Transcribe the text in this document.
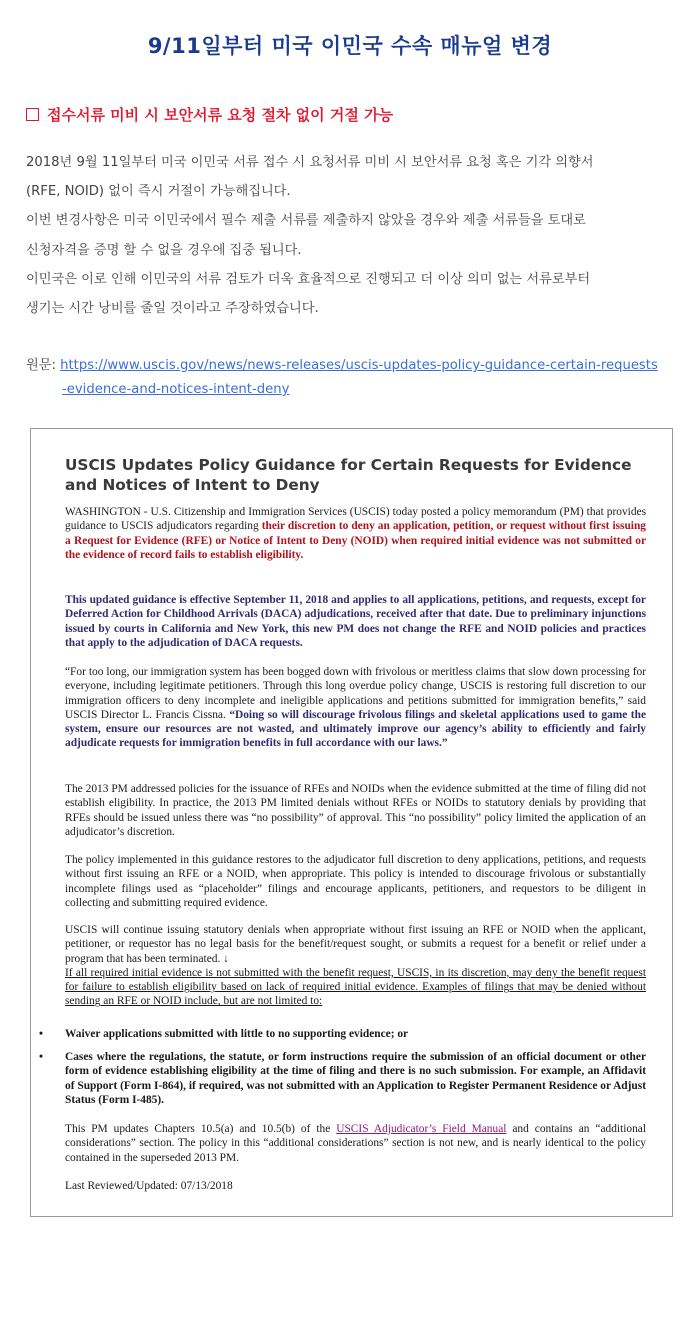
9/11일부터 미국 이민국 수속 매뉴얼 변경
접수서류 미비 시 보안서류 요청 절차 없이 거절 가능

2018년 9월 11일부터 미국 이민국 서류 접수 시 요청서류 미비 시 보안서류 요청 혹은 기각 의향서

(RFE, NOID) 없이 즉시 거절이 가능해집니다.

이번 변경사항은 미국 이민국에서 필수 제출 서류를 제출하지 않았을 경우와 제출 서류들을 토대로

신청자격을 증명 할 수 없을 경우에 집중 됩니다.

이민국은 이로 인해 이민국의 서류 검토가 더욱 효율적으로 진행되고 더 이상 의미 없는 서류로부터

생기는 시간 낭비를 줄일 것이라고 주장하였습니다.

원문: https://www.uscis.gov/news/news-releases/uscis-updates-policy-guidance-certain-requests
-evidence-and-notices-intent-deny
USCIS Updates Policy Guidance for Certain Requests for Evidence and Notices of Intent to Deny
WASHINGTON - U.S. Citizenship and Immigration Services (USCIS) today posted a policy memorandum (PM) that provides guidance to USCIS adjudicators regarding their discretion to deny an application, petition, or request without first issuing a Request for Evidence (RFE) or Notice of Intent to Deny (NOID) when required initial evidence was not submitted or the evidence of record fails to establish eligibility.
This updated guidance is effective September 11, 2018 and applies to all applications, petitions, and requests, except for Deferred Action for Childhood Arrivals (DACA) adjudications, received after that date. Due to preliminary injunctions issued by courts in California and New York, this new PM does not change the RFE and NOID policies and practices that apply to the adjudication of DACA requests.
“For too long, our immigration system has been bogged down with frivolous or meritless claims that slow down processing for everyone, including legitimate petitioners. Through this long overdue policy change, USCIS is restoring full discretion to our immigration officers to deny incomplete and ineligible applications and petitions submitted for immigration benefits,” said USCIS Director L. Francis Cissna. “Doing so will discourage frivolous filings and skeletal applications used to game the system, ensure our resources are not wasted, and ultimately improve our agency’s ability to efficiently and fairly adjudicate requests for immigration benefits in full accordance with our laws.”
The 2013 PM addressed policies for the issuance of RFEs and NOIDs when the evidence submitted at the time of filing did not establish eligibility. In practice, the 2013 PM limited denials without RFEs or NOIDs to statutory denials by providing that RFEs should be issued unless there was “no possibility” of approval. This “no possibility” policy limited the application of an adjudicator’s discretion.
The policy implemented in this guidance restores to the adjudicator full discretion to deny applications, petitions, and requests without first issuing an RFE or a NOID, when appropriate. This policy is intended to discourage frivolous or substantially incomplete filings used as “placeholder” filings and encourage applicants, petitioners, and requestors to be diligent in collecting and submitting required evidence.
USCIS will continue issuing statutory denials when appropriate without first issuing an RFE or NOID when the applicant, petitioner, or requestor has no legal basis for the benefit/request sought, or submits a request for a benefit or relief under a program that has been terminated. ↓
If all required initial evidence is not submitted with the benefit request, USCIS, in its discretion, may deny the benefit request for failure to establish eligibility based on lack of required initial evidence. Examples of filings that may be denied without sending an RFE or NOID include, but are not limited to:
• Waiver applications submitted with little to no supporting evidence; or
• Cases where the regulations, the statute, or form instructions require the submission of an official document or other form of evidence establishing eligibility at the time of filing and there is no such submission. For example, an Affidavit of Support (Form I-864), if required, was not submitted with an Application to Register Permanent Residence or Adjust Status (Form I-485).
This PM updates Chapters 10.5(a) and 10.5(b) of the USCIS Adjudicator’s Field Manual and contains an “additional considerations” section. The policy in this “additional considerations” section is not new, and is nearly identical to the policy contained in the superseded 2013 PM.
Last Reviewed/Updated: 07/13/2018
